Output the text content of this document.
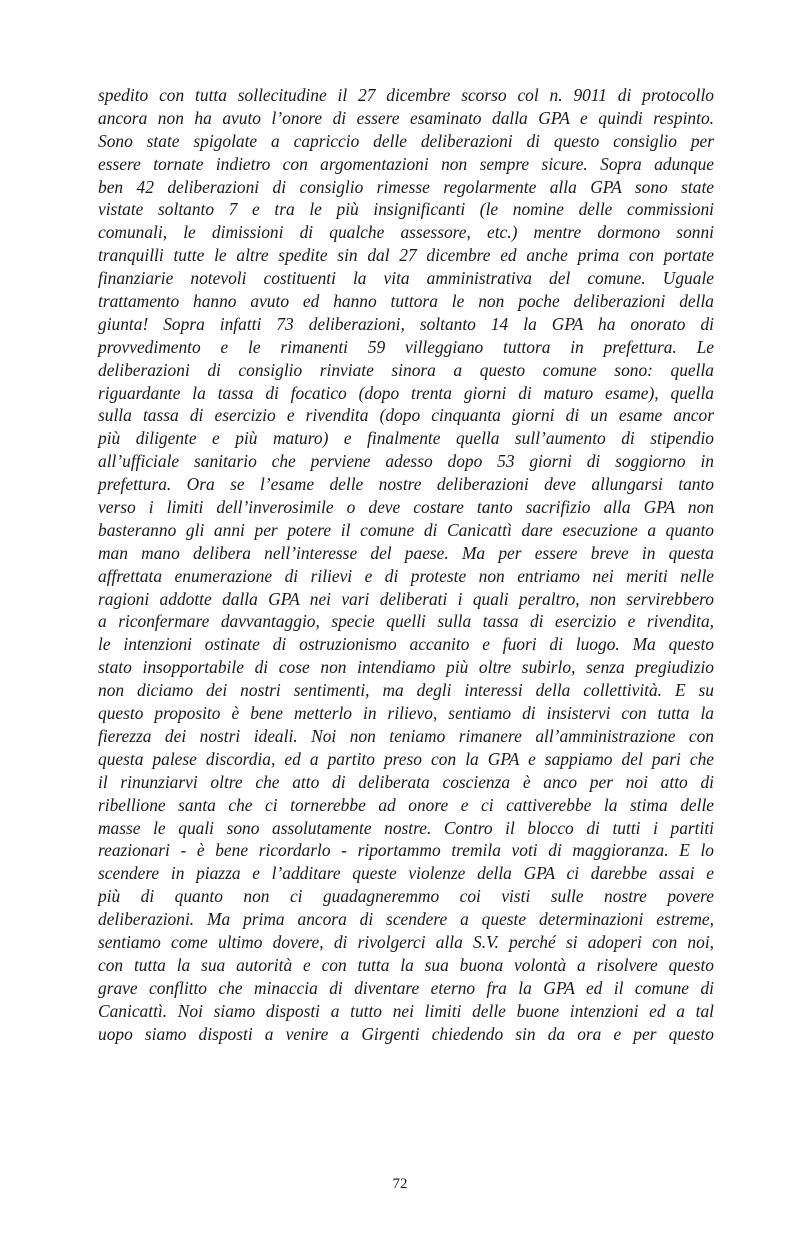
spedito con tutta sollecitudine il 27 dicembre scorso col n. 9011 di protocollo
ancora non ha avuto l’onore di essere esaminato dalla GPA e quindi respinto.
Sono state spigolate a capriccio delle deliberazioni di questo consiglio per
essere tornate indietro con argomentazioni non sempre sicure. Sopra adunque
ben 42 deliberazioni di consiglio rimesse regolarmente alla GPA sono state
vistate soltanto 7 e tra le più insignificanti (le nomine delle commissioni
comunali, le dimissioni di qualche assessore, etc.) mentre dormono sonni
tranquilli tutte le altre spedite sin dal 27 dicembre ed anche prima con portate
finanziarie notevoli costituenti la vita amministrativa del comune. Uguale
trattamento hanno avuto ed hanno tuttora le non poche deliberazioni della
giunta! Sopra infatti 73 deliberazioni, soltanto 14 la GPA ha onorato di
provvedimento e le rimanenti 59 villeggiano tuttora in prefettura. Le
deliberazioni di consiglio rinviate sinora a questo comune sono: quella
riguardante la tassa di focatico (dopo trenta giorni di maturo esame), quella
sulla tassa di esercizio e rivendita (dopo cinquanta giorni di un esame ancor
più diligente e più maturo) e finalmente quella sull’aumento di stipendio
all’ufficiale sanitario che perviene adesso dopo 53 giorni di soggiorno in
prefettura. Ora se l’esame delle nostre deliberazioni deve allungarsi tanto
verso i limiti dell’inverosimile o deve costare tanto sacrifizio alla GPA non
basteranno gli anni per potere il comune di Canicattì dare esecuzione a quanto
man mano delibera nell’interesse del paese. Ma per essere breve in questa
affrettata enumerazione di rilievi e di proteste non entriamo nei meriti nelle
ragioni addotte dalla GPA nei vari deliberati i quali peraltro, non servirebbero
a riconfermare davvantaggio, specie quelli sulla tassa di esercizio e rivendita,
le intenzioni ostinate di ostruzionismo accanito e fuori di luogo. Ma questo
stato insopportabile di cose non intendiamo più oltre subirlo, senza pregiudizio
non diciamo dei nostri sentimenti, ma degli interessi della collettività. E su
questo proposito è bene metterlo in rilievo, sentiamo di insistervi con tutta la
fierezza dei nostri ideali. Noi non teniamo rimanere all’amministrazione con
questa palese discordia, ed a partito preso con la GPA e sappiamo del pari che
il rinunziarvi oltre che atto di deliberata coscienza è anco per noi atto di
ribellione santa che ci tornerebbe ad onore e ci cattiverebbe la stima delle
masse le quali sono assolutamente nostre. Contro il blocco di tutti i partiti
reazionari - è bene ricordarlo - riportammo tremila voti di maggioranza. E lo
scendere in piazza e l’additare queste violenze della GPA ci darebbe assai e
più di quanto non ci guadagneremmo coi visti sulle nostre povere
deliberazioni. Ma prima ancora di scendere a queste determinazioni estreme,
sentiamo come ultimo dovere, di rivolgerci alla S.V. perché si adoperi con noi,
con tutta la sua autorità e con tutta la sua buona volontà a risolvere questo
grave conflitto che minaccia di diventare eterno fra la GPA ed il comune di
Canicattì. Noi siamo disposti a tutto nei limiti delle buone intenzioni ed a tal
uopo siamo disposti a venire a Girgenti chiedendo sin da ora e per questo
72
